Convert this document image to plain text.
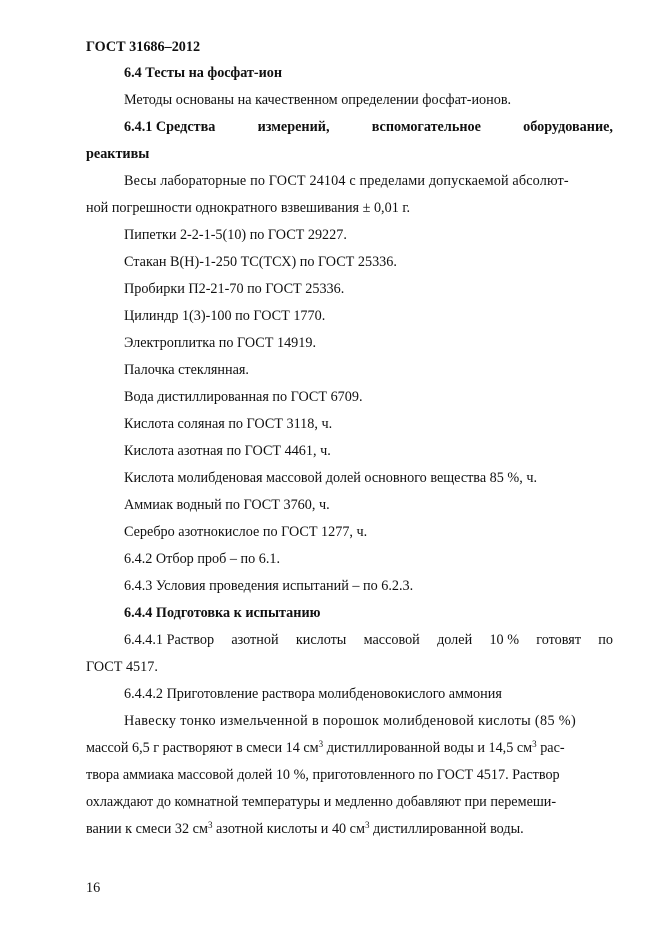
ГОСТ 31686–2012
6.4 Тесты на фосфат-ион
Методы основаны на качественном определении фосфат-ионов.
6.4.1 Средства	измерений,	вспомогательное	оборудование,
реактивы
Весы лабораторные по ГОСТ 24104 с пределами допускаемой абсолют-
ной погрешности однократного взвешивания ± 0,01 г.
Пипетки 2-2-1-5(10) по ГОСТ 29227.
Стакан В(Н)-1-250 ТС(ТСХ) по ГОСТ 25336.
Пробирки П2-21-70 по ГОСТ 25336.
Цилиндр 1(3)-100 по ГОСТ 1770.
Электроплитка по ГОСТ 14919.
Палочка стеклянная.
Вода дистиллированная по ГОСТ 6709.
Кислота соляная по ГОСТ 3118, ч.
Кислота азотная по ГОСТ 4461, ч.
Кислота молибденовая массовой долей основного вещества 85 %, ч.
Аммиак водный по ГОСТ 3760, ч.
Серебро азотнокислое по ГОСТ 1277, ч.
6.4.2 Отбор проб – по 6.1.
6.4.3 Условия проведения испытаний – по 6.2.3.
6.4.4 Подготовка к испытанию
6.4.4.1 Раствор азотной кислоты массовой долей 10 % готовят по
ГОСТ 4517.
6.4.4.2 Приготовление раствора молибденовокислого аммония
Навеску тонко измельченной в порошок молибденовой кислоты (85 %)
массой 6,5 г растворяют в смеси 14 $см^3$ дистиллированной воды и 14,5 $см^3$ рас-
твора аммиака массовой долей 10 %, приготовленного по ГОСТ 4517. Раствор
охлаждают до комнатной температуры и медленно добавляют при перемеши-
вании к смеси 32 $см^3$ азотной кислоты и 40 $см^3$ дистиллированной воды.
16
